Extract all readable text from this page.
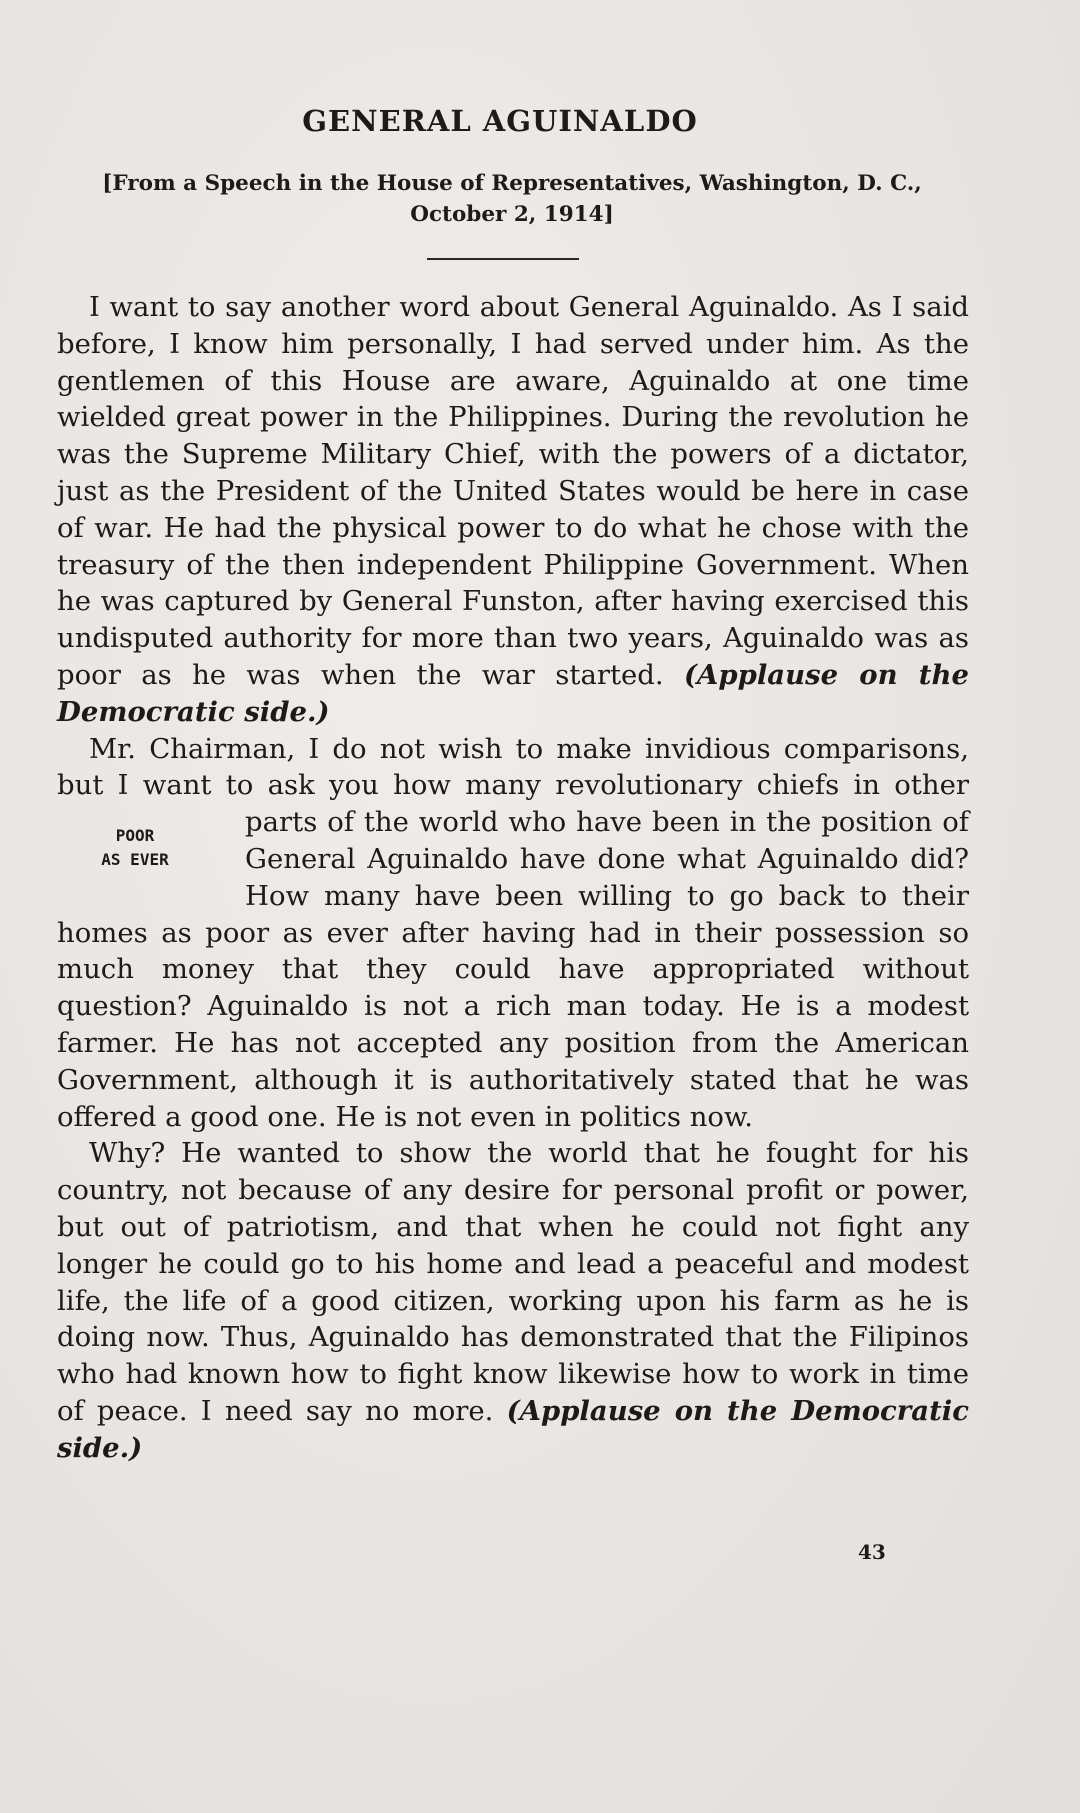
GENERAL AGUINALDO
[From a Speech in the House of Representatives, Washington, D. C.,
October 2, 1914]

I want to say another word about General Aguinaldo. As I said before, I know him personally, I had served under him. As the gentlemen of this House are aware, Aguinaldo at one time wielded great power in the Philippines. During the revolution he was the Supreme Military Chief, with the powers of a dictator, just as the President of the United States would be here in case of war. He had the physical power to do what he chose with the treasury of the then independent Philippine Government. When he was captured by General Funston, after having exercised this undisputed authority for more than two years, Aguinaldo was as poor as he was when the war started. (Applause on the Democratic side.)

Mr. Chairman, I do not wish to make invidious comparisons, but I want to ask you how many revolutionary chiefs in other parts of the world who have been in the
POOR
AS EVER
position of General Aguinaldo have done what Aguinaldo did? How many have been willing to go back to their homes as poor as ever after having had in their possession so much money that they could have appropriated without question? Aguinaldo is not a rich man today. He is a modest farmer. He has not accepted any position from the American Government, although it is authoritatively stated that he was offered a good one. He is not even in politics now.

Why? He wanted to show the world that he fought for his country, not because of any desire for personal profit or power, but out of patriotism, and that when he could not fight any longer he could go to his home and lead a peaceful and modest life, the life of a good citizen, working upon his farm as he is doing now. Thus, Aguinaldo has demonstrated that the Filipinos who had known how to fight know likewise how to work in time of peace. I need say no more. (Applause on the Democratic side.)

43
